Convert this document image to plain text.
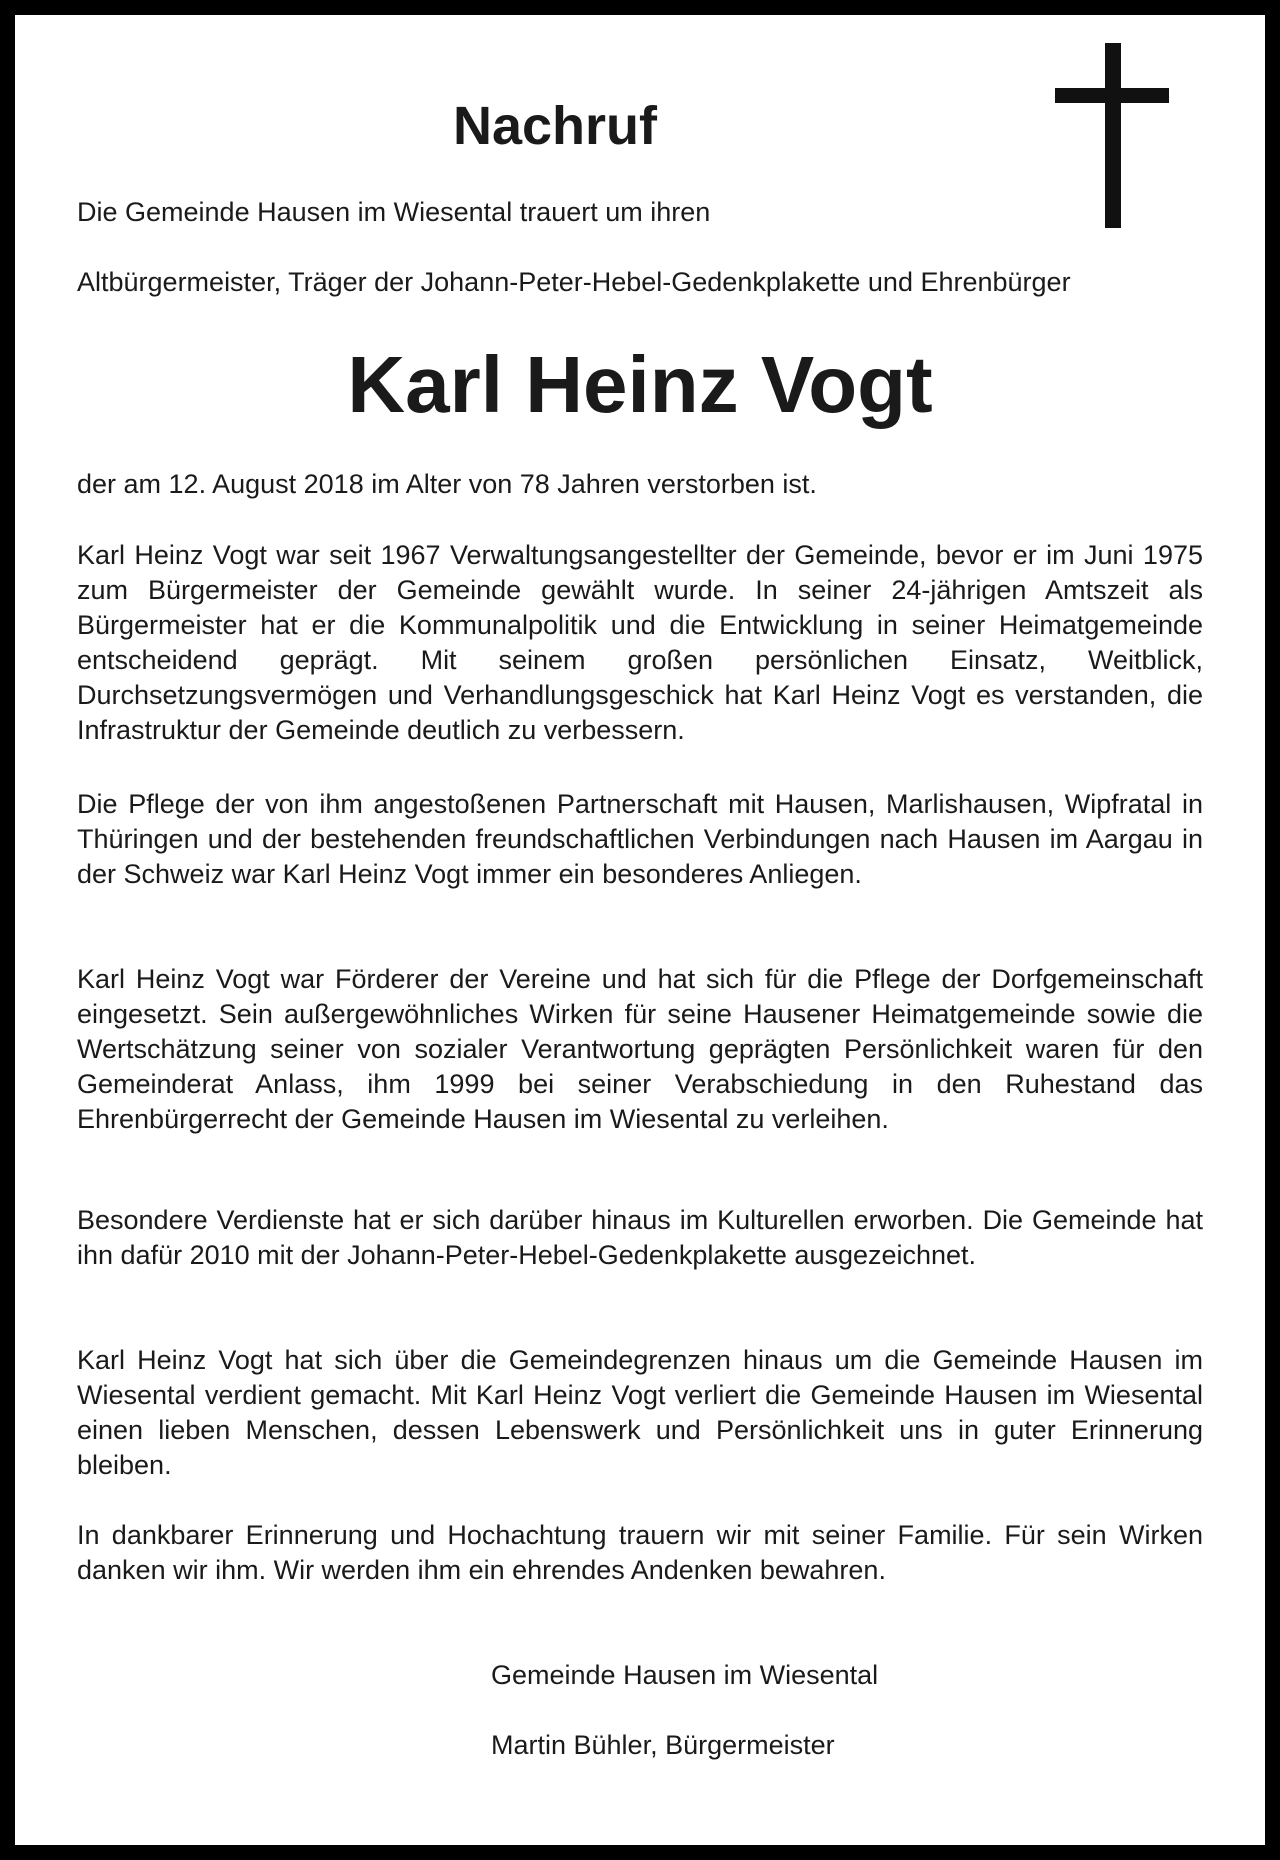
Nachruf

Die Gemeinde Hausen im Wiesental trauert um ihren

Altbürgermeister, Träger der Johann-Peter-Hebel-Gedenkplakette und Ehrenbürger

Karl Heinz Vogt

der am 12. August 2018 im Alter von 78 Jahren verstorben ist.

Karl Heinz Vogt war seit 1967 Verwaltungsangestellter der Gemeinde, bevor er im Juni 1975 zum Bürgermeister der Gemeinde gewählt wurde. In seiner 24-jährigen Amtszeit als Bürgermeister hat er die Kommunalpolitik und die Entwicklung in seiner Heimatgemeinde entscheidend geprägt. Mit seinem großen persönlichen Einsatz, Weitblick, Durchsetzungsvermögen und Verhandlungsgeschick hat Karl Heinz Vogt es verstanden, die Infrastruktur der Gemeinde deutlich zu verbessern.

Die Pflege der von ihm angestoßenen Partnerschaft mit Hausen, Marlishausen, Wipfratal in Thüringen und der bestehenden freundschaftlichen Verbindungen nach Hausen im Aargau in der Schweiz war Karl Heinz Vogt immer ein besonderes Anliegen.

Karl Heinz Vogt war Förderer der Vereine und hat sich für die Pflege der Dorfgemeinschaft eingesetzt. Sein außergewöhnliches Wirken für seine Hausener Heimatgemeinde sowie die Wertschätzung seiner von sozialer Verantwortung geprägten Persönlichkeit waren für den Gemeinderat Anlass, ihm 1999 bei seiner Verabschiedung in den Ruhestand das Ehrenbürgerrecht der Gemeinde Hausen im Wiesental zu verleihen.

Besondere Verdienste hat er sich darüber hinaus im Kulturellen erworben. Die Gemeinde hat ihn dafür 2010 mit der Johann-Peter-Hebel-Gedenkplakette ausgezeichnet.

Karl Heinz Vogt hat sich über die Gemeindegrenzen hinaus um die Gemeinde Hausen im Wiesental verdient gemacht. Mit Karl Heinz Vogt verliert die Gemeinde Hausen im Wiesental einen lieben Menschen, dessen Lebenswerk und Persönlichkeit uns in guter Erinnerung bleiben.

In dankbarer Erinnerung und Hochachtung trauern wir mit seiner Familie. Für sein Wirken danken wir ihm. Wir werden ihm ein ehrendes Andenken bewahren.

Gemeinde Hausen im Wiesental

Martin Bühler, Bürgermeister
